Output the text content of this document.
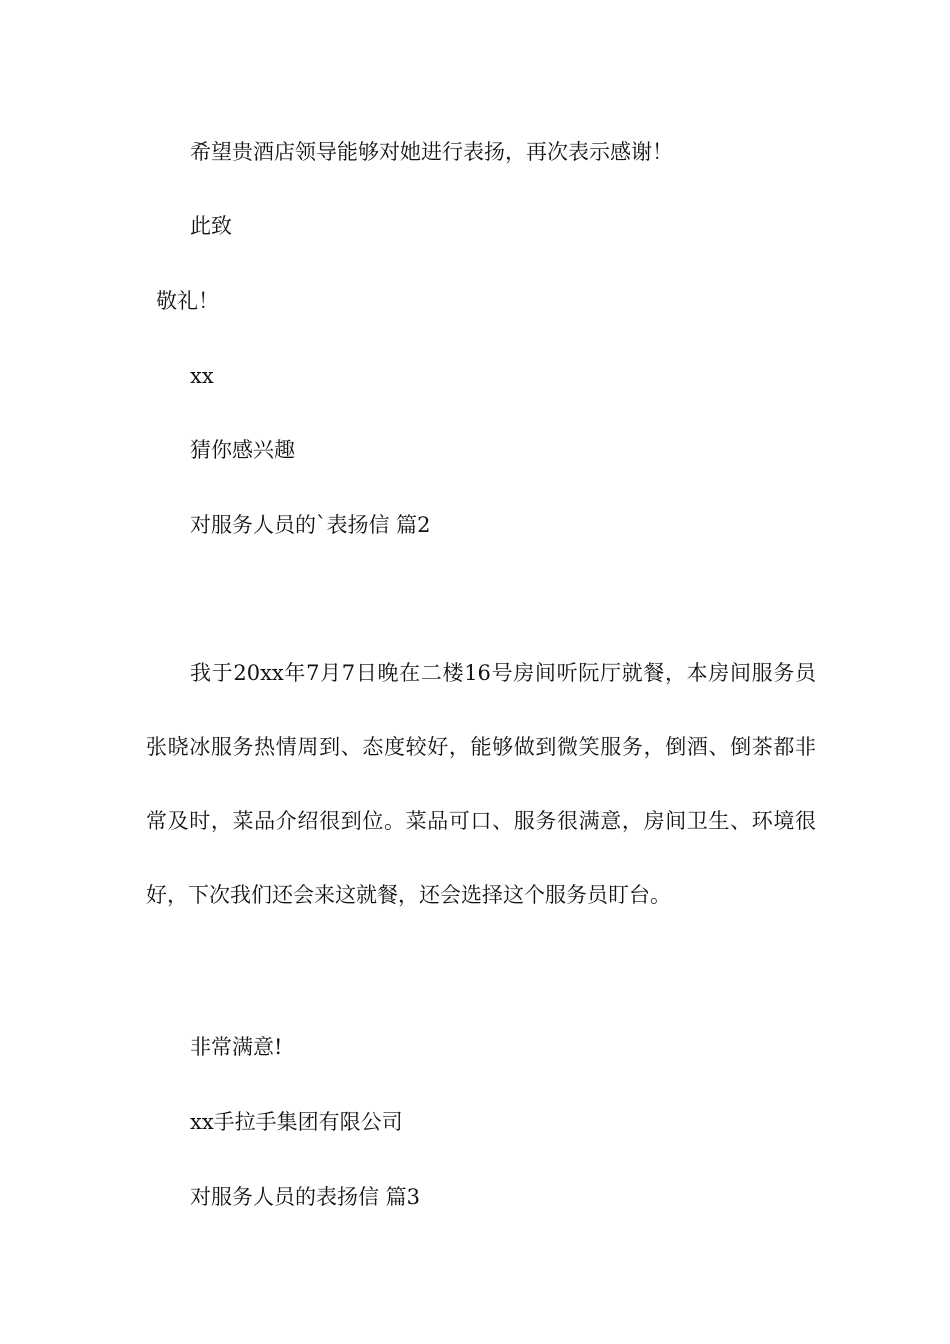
希望贵酒店领导能够对她进行表扬，再次表示感谢！

此致

敬礼！

xx

猜你感兴趣

对服务人员的`表扬信 篇2

我于20xx年7月7日晚在二楼16号房间听阮厅就餐，本房间服务员张晓冰服务热情周到、态度较好，能够做到微笑服务，倒酒、倒茶都非常及时，菜品介绍很到位。菜品可口、服务很满意，房间卫生、环境很好，下次我们还会来这就餐，还会选择这个服务员盯台。

非常满意!

xx手拉手集团有限公司

对服务人员的表扬信 篇3
